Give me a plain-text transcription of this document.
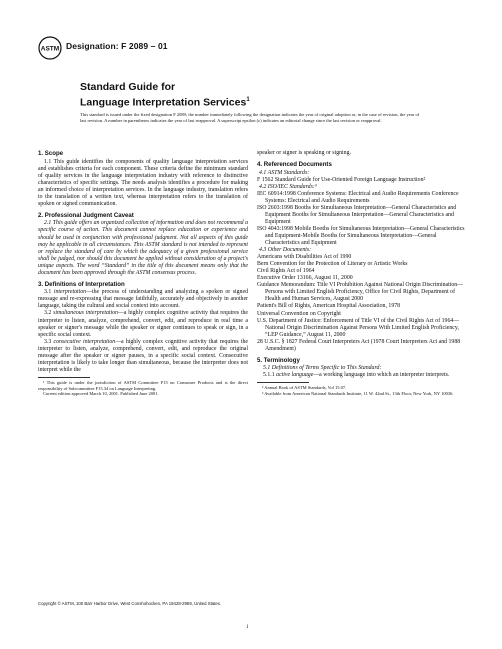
ASTM Designation: F 2089 – 01
Standard Guide for
Language Interpretation Services$^1$
This standard is issued under the fixed designation F 2089; the number immediately following the designation indicates the year of original adoption or, in the case of revision, the year of last revision. A number in parentheses indicates the year of last reapproval. A superscript epsilon (ε) indicates an editorial change since the last revision or reapproval.
1. Scope

1.1 This guide identifies the components of quality language interpretation services and establishes criteria for each component. These criteria define the minimum standard of quality services in the language interpretation industry with reference to distinctive characteristics of specific settings. The needs analysis identifies a procedure for making an informed choice of interpretation services. In the language industry, translation refers to the translation of a written text, whereas interpretation refers to the translation of spoken or signed communication.

2. Professional Judgment Caveat

2.1 This guide offers an organized collection of information and does not recommend a specific course of action. This document cannot replace education or experience and should be used in conjunction with professional judgment. Not all aspects of this guide may be applicable in all circumstances. This ASTM standard is not intended to represent or replace the standard of care by which the adequacy of a given professional service shall be judged, nor should this document be applied without consideration of a project's unique aspects. The word “Standard” in the title of this document means only that the document has been approved through the ASTM consensus process.

3. Definitions of Interpretation

3.1 interpretation—the process of understanding and analyzing a spoken or signed message and re-expressing that message faithfully, accurately and objectively in another language, taking the cultural and social context into account.

3.2 simultaneous interpretation—a highly complex cognitive activity that requires the interpreter to listen, analyze, comprehend, convert, edit, and reproduce in real time a speaker or signer's message while the speaker or signer continues to speak or sign, in a specific social context.

3.3 consecutive interpretation—a highly complex cognitive activity that requires the interpreter to listen, analyze, comprehend, convert, edit, and reproduce the original message after the speaker or signer pauses, in a specific social context. Consecutive interpretation is likely to take longer than simultaneous, because the interpreter does not interpret while the

¹ This guide is under the jurisdiction of ASTM Committee F15 on Consumer Products and is the direct responsibility of Subcommittee F15.34 on Language Interpreting.

Current edition approved March 10, 2001. Published June 2001.

speaker or signer is speaking or signing.

4. Referenced Documents

4.1 ASTM Standards:

F 1562 Standard Guide for Use-Oriented Foreign Language Instruction²

4.2 ISO/IEC Standards:³

IEC 60914:1998 Conference Systems: Electrical and Audio Requirements Conference Systems: Electrical and Audio Requirements

ISO 2603:1998 Booths for Simultaneous Interpretation—General Characteristics and Equipment Booths for Simultaneous Interpretation—General Characteristics and Equipment

ISO 4043:1998 Mobile Booths for Simultaneous Interpretation—General Characteristics and Equipment-Mobile Booths for Simultaneous Interpretation—General Characteristics and Equipment

4.3 Other Documents:

Americans with Disabilities Act of 1990

Bern Convention for the Protection of Literary or Artistic Works

Civil Rights Act of 1964

Executive Order 13166, August 11, 2000

Guidance Memorandum: Title VI Prohibition Against National Origin Discrimination—Persons with Limited English Proficiency, Office for Civil Rights, Department of Health and Human Services, August 2000

Patient's Bill of Rights, American Hospital Association, 1978

Universal Convention on Copyright

U.S. Department of Justice: Enforcement of Title VI of the Civil Rights Act of 1964—National Origin Discrimination Against Persons With Limited English Proficiency, “LEP Guidance,” August 11, 2000

28 U.S.C. § 1827 Federal Court Interpreters Act (1978 Court Interpreters Act and 1988 Amendment)

5. Terminology

5.1 Definitions of Terms Specific to This Standard:

5.1.1 active language—a working language into which an interpreter interprets.

² Annual Book of ASTM Standards, Vol 15.07.

³ Available from American National Standards Institute, 11 W. 42nd St., 13th Floor, New York, NY 10036.

Copyright © ASTM, 100 Barr Harbor Drive, West Conshohocken, PA 19428-2959, United States.
1
